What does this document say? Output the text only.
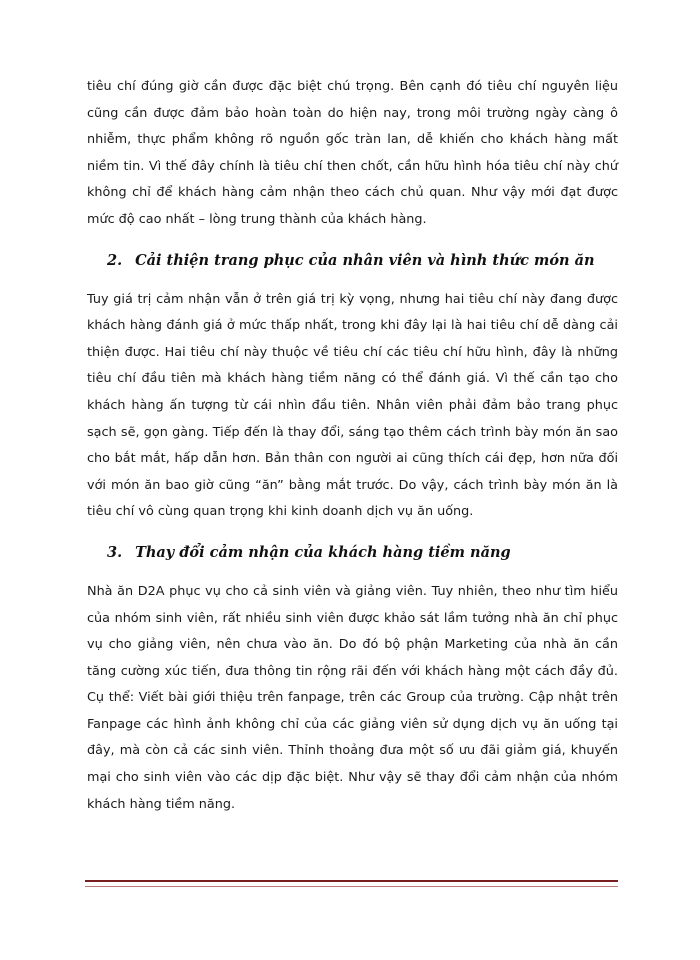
tiêu chí đúng giờ cần được đặc biệt chú trọng. Bên cạnh đó tiêu chí nguyên liệu cũng cần được đảm bảo hoàn toàn do hiện nay, trong môi trường ngày càng ô nhiễm, thực phẩm không rõ nguồn gốc tràn lan, dễ khiến cho khách hàng mất niềm tin. Vì thế đây chính là tiêu chí then chốt, cần hữu hình hóa tiêu chí này chứ không chỉ để khách hàng cảm nhận theo cách chủ quan. Như vậy mới đạt được mức độ cao nhất – lòng trung thành của khách hàng.

2. Cải thiện trang phục của nhân viên và hình thức món ăn

Tuy giá trị cảm nhận vẫn ở trên giá trị kỳ vọng, nhưng hai tiêu chí này đang được khách hàng đánh giá ở mức thấp nhất, trong khi đây lại là hai tiêu chí dễ dàng cải thiện được. Hai tiêu chí này thuộc về tiêu chí các tiêu chí hữu hình, đây là những tiêu chí đầu tiên mà khách hàng tiềm năng có thể đánh giá. Vì thế cần tạo cho khách hàng ấn tượng từ cái nhìn đầu tiên. Nhân viên phải đảm bảo trang phục sạch sẽ, gọn gàng. Tiếp đến là thay đổi, sáng tạo thêm cách trình bày món ăn sao cho bắt mắt, hấp dẫn hơn. Bản thân con người ai cũng thích cái đẹp, hơn nữa đối với món ăn bao giờ cũng “ăn” bằng mắt trước. Do vậy, cách trình bày món ăn là tiêu chí vô cùng quan trọng khi kinh doanh dịch vụ ăn uống.

3. Thay đổi cảm nhận của khách hàng tiềm năng

Nhà ăn D2A phục vụ cho cả sinh viên và giảng viên. Tuy nhiên, theo như tìm hiểu của nhóm sinh viên, rất nhiều sinh viên được khảo sát lầm tưởng nhà ăn chỉ phục vụ cho giảng viên, nên chưa vào ăn. Do đó bộ phận Marketing của nhà ăn cần tăng cường xúc tiến, đưa thông tin rộng rãi đến với khách hàng một cách đầy đủ. Cụ thể: Viết bài giới thiệu trên fanpage, trên các Group của trường. Cập nhật trên Fanpage các hình ảnh không chỉ của các giảng viên sử dụng dịch vụ ăn uống tại đây, mà còn cả các sinh viên. Thỉnh thoảng đưa một số ưu đãi giảm giá, khuyến mại cho sinh viên vào các dịp đặc biệt. Như vậy sẽ thay đổi cảm nhận của nhóm khách hàng tiềm năng.
